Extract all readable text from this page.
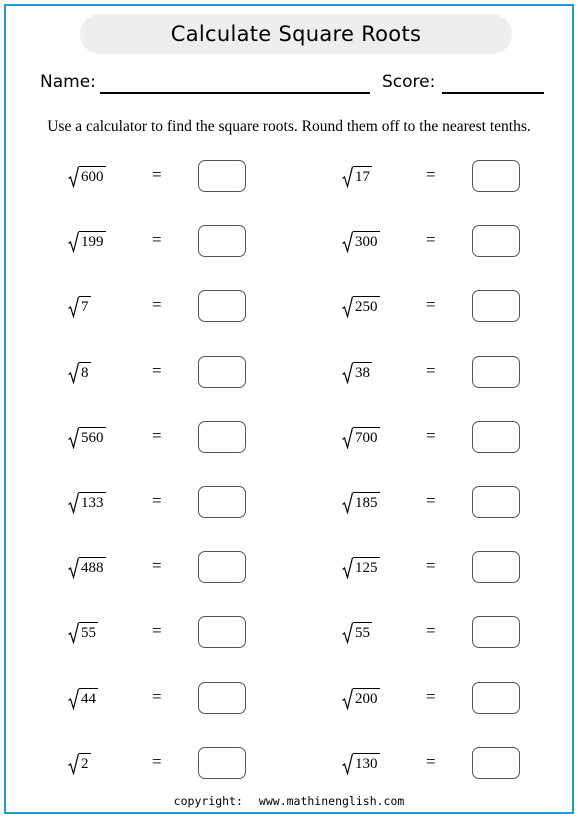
Calculate Square Roots
Name:	Score:
Use a calculator to find the square roots. Round them off to the nearest tenths.
600	=
199	=
7	=
8	=
560	=
133	=
488	=
55	=
44	=
2	=
17	=
300	=
250	=
38	=
700	=
185	=
125	=
55	=
200	=
130	=
copyright: www.mathinenglish.com
